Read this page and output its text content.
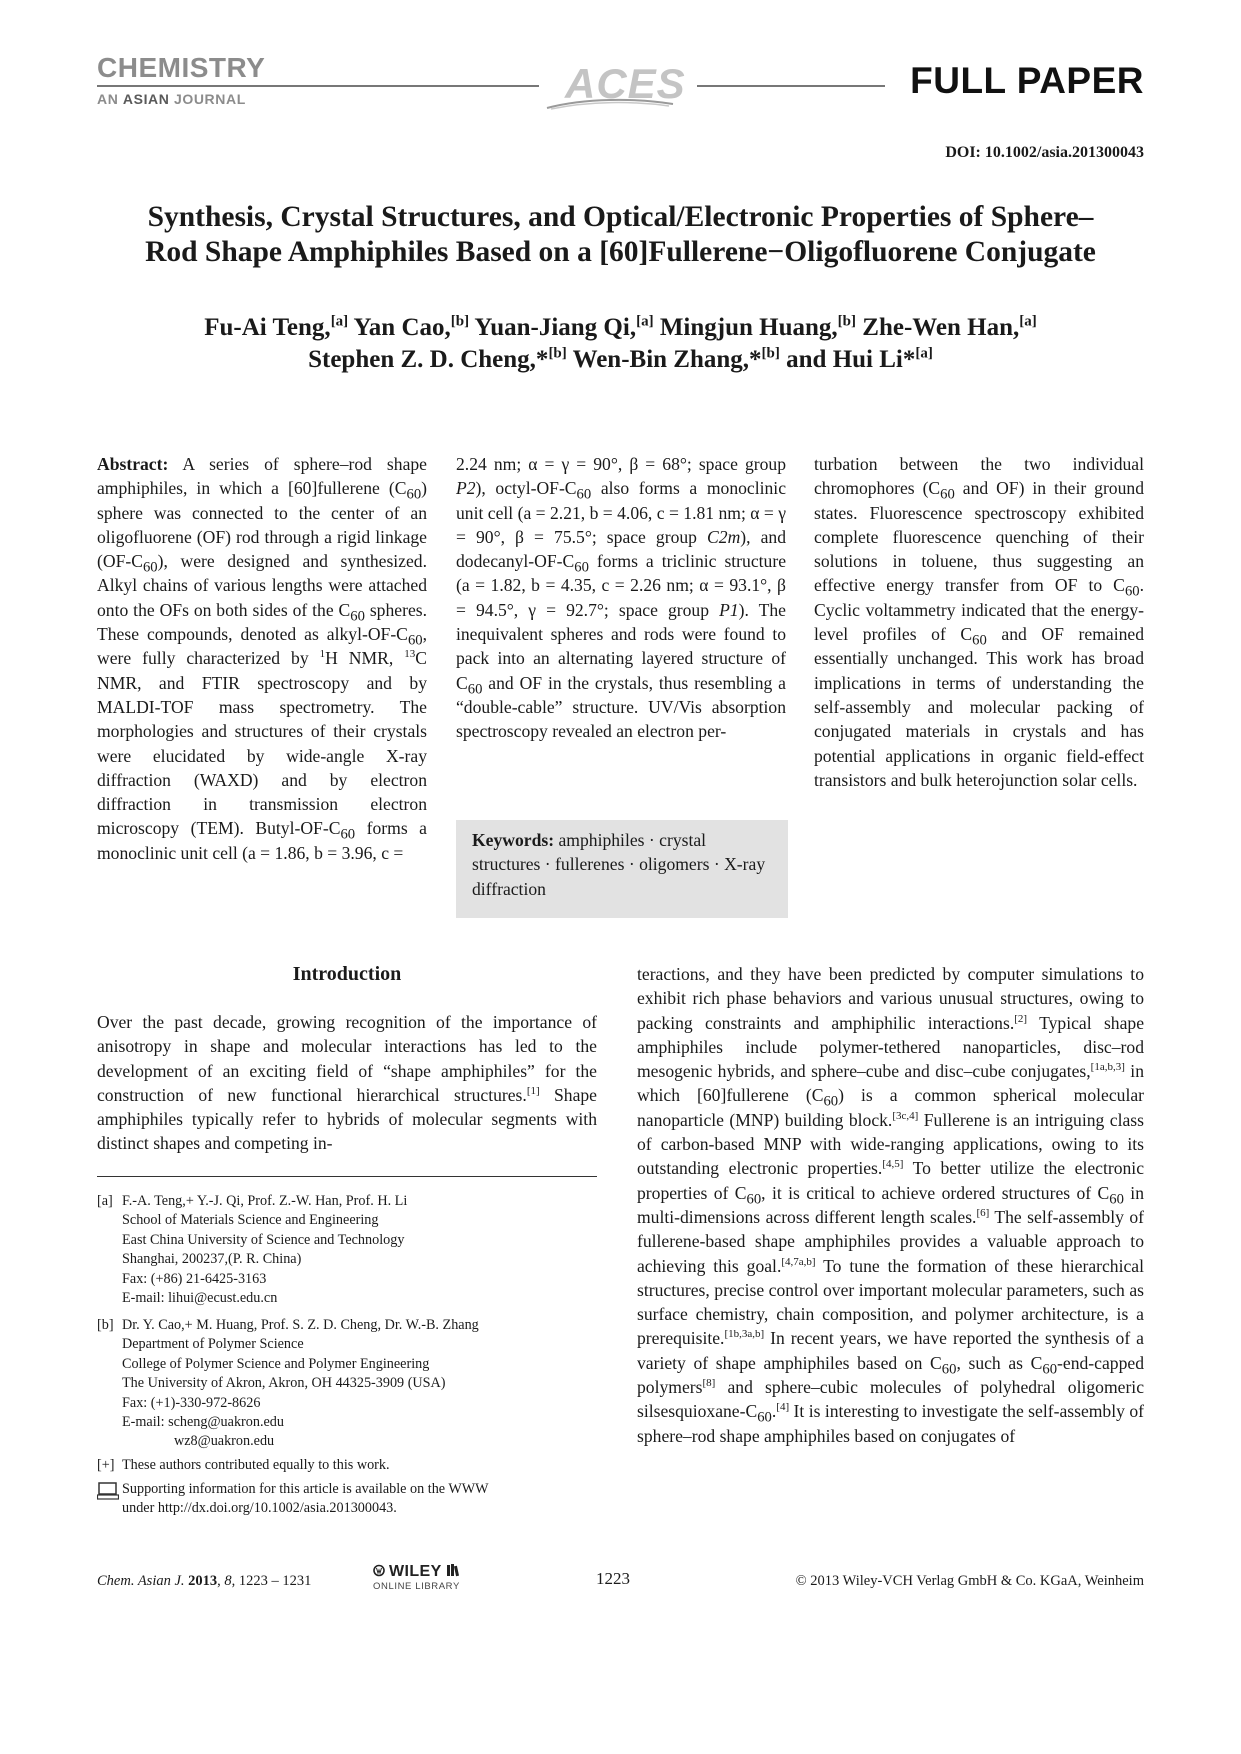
CHEMISTRY
AN ASIAN JOURNAL	ACES	FULL PAPER
DOI: 10.1002/asia.201300043
Synthesis, Crystal Structures, and Optical/Electronic Properties of Sphere–
Rod Shape Amphiphiles Based on a [60]Fullerene−Oligofluorene Conjugate
Fu-Ai Teng,[a] Yan Cao,[b] Yuan-Jiang Qi,[a] Mingjun Huang,[b] Zhe-Wen Han,[a]
Stephen Z. D. Cheng,*[b] Wen-Bin Zhang,*[b] and Hui Li*[a]

Abstract: A series of sphere–rod shape amphiphiles, in which a [60]fullerene $(C_{60})$ sphere was connected to the center of an oligofluorene (OF) rod through a rigid linkage $(OF-C_{60})$, were designed and synthesized. Alkyl chains of various lengths were attached onto the OFs on both sides of the $C_{60}$ spheres. These compounds, denoted as alkyl-$OF-C_{60}$, were fully characterized by $^1$H NMR, $^{13}$C NMR, and FTIR spectroscopy and by MALDI-TOF mass spectrometry. The morphologies and structures of their crystals were elucidated by wide-angle X-ray diffraction (WAXD) and by electron diffraction in transmission electron microscopy (TEM). Butyl-$OF-C_{60}$ forms a monoclinic unit cell (a = 1.86, b = 3.96, c =

2.24 nm; α = γ = 90°, β = 68°; space group P2), octyl-$OF-C_{60}$ also forms a monoclinic unit cell (a = 2.21, b = 4.06, c = 1.81 nm; α = γ = 90°, β = 75.5°; space group C2m), and dodecanyl-$OF-C_{60}$ forms a triclinic structure (a = 1.82, b = 4.35, c = 2.26 nm; α = 93.1°, β = 94.5°, γ = 92.7°; space group P1). The inequivalent spheres and rods were found to pack into an alternating layered structure of $C_{60}$ and OF in the crystals, thus resembling a “double-cable” structure. UV/Vis absorption spectroscopy revealed an electron per-

turbation between the two individual chromophores ($C_{60}$ and OF) in their ground states. Fluorescence spectroscopy exhibited complete fluorescence quenching of their solutions in toluene, thus suggesting an effective energy transfer from OF to $C_{60}$. Cyclic voltammetry indicated that the energy-level profiles of $C_{60}$ and OF remained essentially unchanged. This work has broad implications in terms of understanding the self-assembly and molecular packing of conjugated materials in crystals and has potential applications in organic field-effect transistors and bulk heterojunction solar cells.

Keywords: amphiphiles · crystal structures · fullerenes · oligomers · X-ray diffraction
Introduction
Over the past decade, growing recognition of the importance of anisotropy in shape and molecular interactions has led to the development of an exciting field of “shape amphiphiles” for the construction of new functional hierarchical structures.[1] Shape amphiphiles typically refer to hybrids of molecular segments with distinct shapes and competing in-
teractions, and they have been predicted by computer simulations to exhibit rich phase behaviors and various unusual structures, owing to packing constraints and amphiphilic interactions.[2] Typical shape amphiphiles include polymer-tethered nanoparticles, disc–rod mesogenic hybrids, and sphere–cube and disc–cube conjugates,[1a,b,3] in which [60]fullerene $(C_{60})$ is a common spherical molecular nanoparticle (MNP) building block.[3c,4] Fullerene is an intriguing class of carbon-based MNP with wide-ranging applications, owing to its outstanding electronic properties.[4,5] To better utilize the electronic properties of $C_{60}$, it is critical to achieve ordered structures of $C_{60}$ in multi-dimensions across different length scales.[6] The self-assembly of fullerene-based shape amphiphiles provides a valuable approach to achieving this goal.[4,7a,b] To tune the formation of these hierarchical structures, precise control over important molecular parameters, such as surface chemistry, chain composition, and polymer architecture, is a prerequisite.[1b,3a,b] In recent years, we have reported the synthesis of a variety of shape amphiphiles based on $C_{60}$, such as $C_{60}-end$-capped polymers[8] and sphere–cubic molecules of polyhedral oligomeric silsesquioxane-$C_{60}.[4]$ It is interesting to investigate the self-assembly of sphere–rod shape amphiphiles based on conjugates of
[a] F.-A. Teng,+ Y.-J. Qi, Prof. Z.-W. Han, Prof. H. Li
School of Materials Science and Engineering
East China University of Science and Technology
Shanghai, 200237,(P. R. China)
Fax: (+86) 21-6425-3163
E-mail: lihui@ecust.edu.cn
[b] Dr. Y. Cao,+ M. Huang, Prof. S. Z. D. Cheng, Dr. W.-B. Zhang
Department of Polymer Science
College of Polymer Science and Polymer Engineering
The University of Akron, Akron, OH 44325-3909 (USA)
Fax: (+1)-330-972-8626
E-mail: scheng@uakron.edu
wz8@uakron.edu
[+] These authors contributed equally to this work.
Supporting information for this article is available on the WWW
under http://dx.doi.org/10.1002/asia.201300043.
Chem. Asian J. 2013, 8, 1223 – 1231
WILEY
ONLINE LIBRARY	1223	© 2013 Wiley-VCH Verlag GmbH & Co. KGaA, Weinheim
